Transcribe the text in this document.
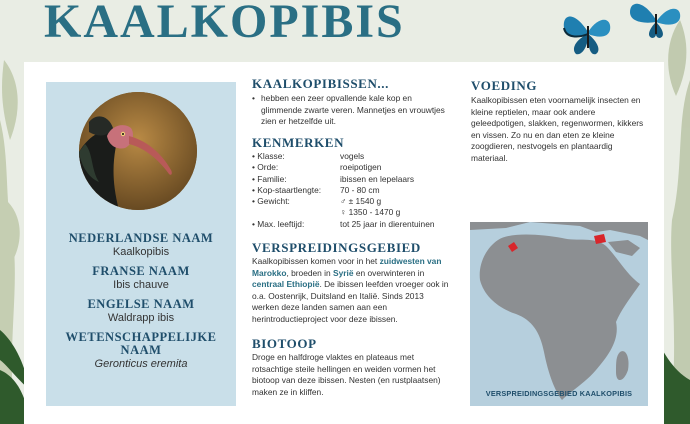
KAALKOPIBIS
NEDERLANDSE NAAM
Kaalkopibis
FRANSE NAAM
Ibis chauve
ENGELSE NAAM
Waldrapp ibis
WETENSCHAPPELIJKE NAAM
Geronticus eremita
KAALKOPIBISSEN...
• hebben een zeer opvallende kale kop en glimmende zwarte veren. Mannetjes en vrouwtjes zien er hetzelfde uit.
KENMERKEN
• Klasse:	vogels
• Orde:	roeipotigen
• Familie:	ibissen en lepelaars
• Kop-staartlengte:	70 - 80 cm
• Gewicht:	♂ ± 1540 g
♀ 1350 - 1470 g
• Max. leeftijd:	tot 25 jaar in dierentuinen
VERSPREIDINGSGEBIED
Kaalkopibissen komen voor in het zuidwesten van Marokko, broeden in Syrië en overwinteren in centraal Ethiopië. De ibissen leefden vroeger ook in o.a. Oostenrijk, Duitsland en Italië. Sinds 2013 werken deze landen samen aan een herintroductieproject voor deze ibissen.
BIOTOOP
Droge en halfdroge vlaktes en plateaus met rotsachtige steile hellingen en weiden vormen het biotoop van deze ibissen. Nesten (en rustplaatsen) maken ze in kliffen.
VOEDING
Kaalkopibissen eten voornamelijk insecten en kleine reptielen, maar ook andere geleedpotigen, slakken, regenwormen, kikkers en vissen. Zo nu en dan eten ze kleine zoogdieren, nestvogels en plantaardig materiaal.
VERSPREIDINGSGEBIED KAALKOPIBIS
